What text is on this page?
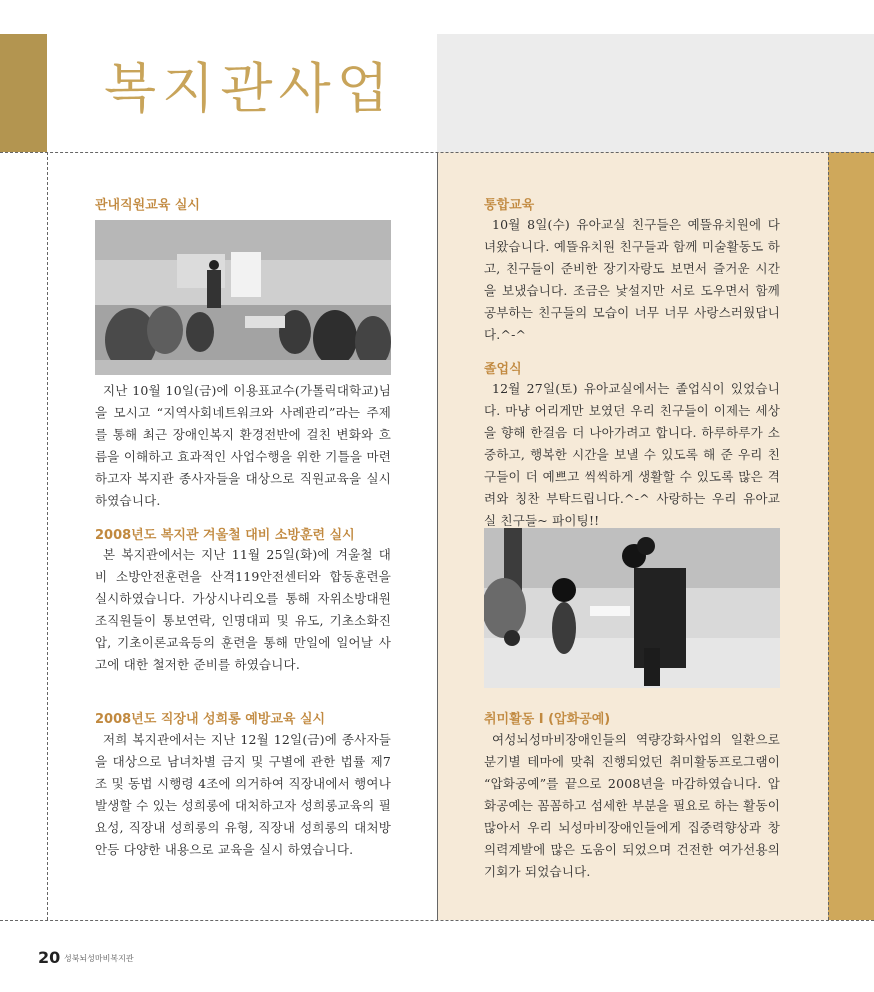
복지관사업
관내직원교육 실시

지난 10월 10일(금)에 이용표교수(가톨릭대학교)님을 모시고 “지역사회네트워크와 사례관리”라는 주제를 통해 최근 장애인복지 환경전반에 걸친 변화와 흐름을 이해하고 효과적인 사업수행을 위한 기틀을 마련하고자 복지관 종사자들을 대상으로 직원교육을 실시 하였습니다.

2008년도 복지관 겨울철 대비 소방훈련 실시

본 복지관에서는 지난 11월 25일(화)에 겨울철 대비 소방안전훈련을 산격119안전센터와 합동훈련을 실시하였습니다. 가상시나리오를 통해 자위소방대원 조직원들이 통보연락, 인명대피 및 유도, 기초소화진압, 기초이론교육등의 훈련을 통해 만일에 일어날 사고에 대한 철저한 준비를 하였습니다.

2008년도 직장내 성희롱 예방교육 실시

저희 복지관에서는 지난 12월 12일(금)에 종사자들을 대상으로 남녀차별 금지 및 구별에 관한 법률 제7조 및 동법 시행령 4조에 의거하여 직장내에서 행여나 발생할 수 있는 성희롱에 대처하고자 성희롱교육의 필요성, 직장내 성희롱의 유형, 직장내 성희롱의 대처방안등 다양한 내용으로 교육을 실시 하였습니다.

통합교육

10월 8일(수) 유아교실 친구들은 예뜰유치원에 다녀왔습니다. 예뜰유치원 친구들과 함께 미술활동도 하고, 친구들이 준비한 장기자랑도 보면서 즐거운 시간을 보냈습니다. 조금은 낯설지만 서로 도우면서 함께 공부하는 친구들의 모습이 너무 너무 사랑스러웠답니다.^-^

졸업식

12월 27일(토) 유아교실에서는 졸업식이 있었습니다. 마냥 어리게만 보였던 우리 친구들이 이제는 세상을 향해 한걸음 더 나아가려고 합니다. 하루하루가 소중하고, 행복한 시간을 보낼 수 있도록 해 준 우리 친구들이 더 예쁘고 씩씩하게 생활할 수 있도록 많은 격려와 칭찬 부탁드립니다.^-^ 사랑하는 우리 유아교실 친구들~ 파이팅!!

취미활동 I (압화공예)

여성뇌성마비장애인들의 역량강화사업의 일환으로 분기별 테마에 맞춰 진행되었던 취미활동프로그램이 “압화공예”를 끝으로 2008년을 마감하였습니다. 압화공예는 꼼꼼하고 섬세한 부분을 필요로 하는 활동이 많아서 우리 뇌성마비장애인들에게 집중력향상과 창의력계발에 많은 도움이 되었으며 건전한 여가선용의 기회가 되었습니다.

20 성북뇌성마비복지관
